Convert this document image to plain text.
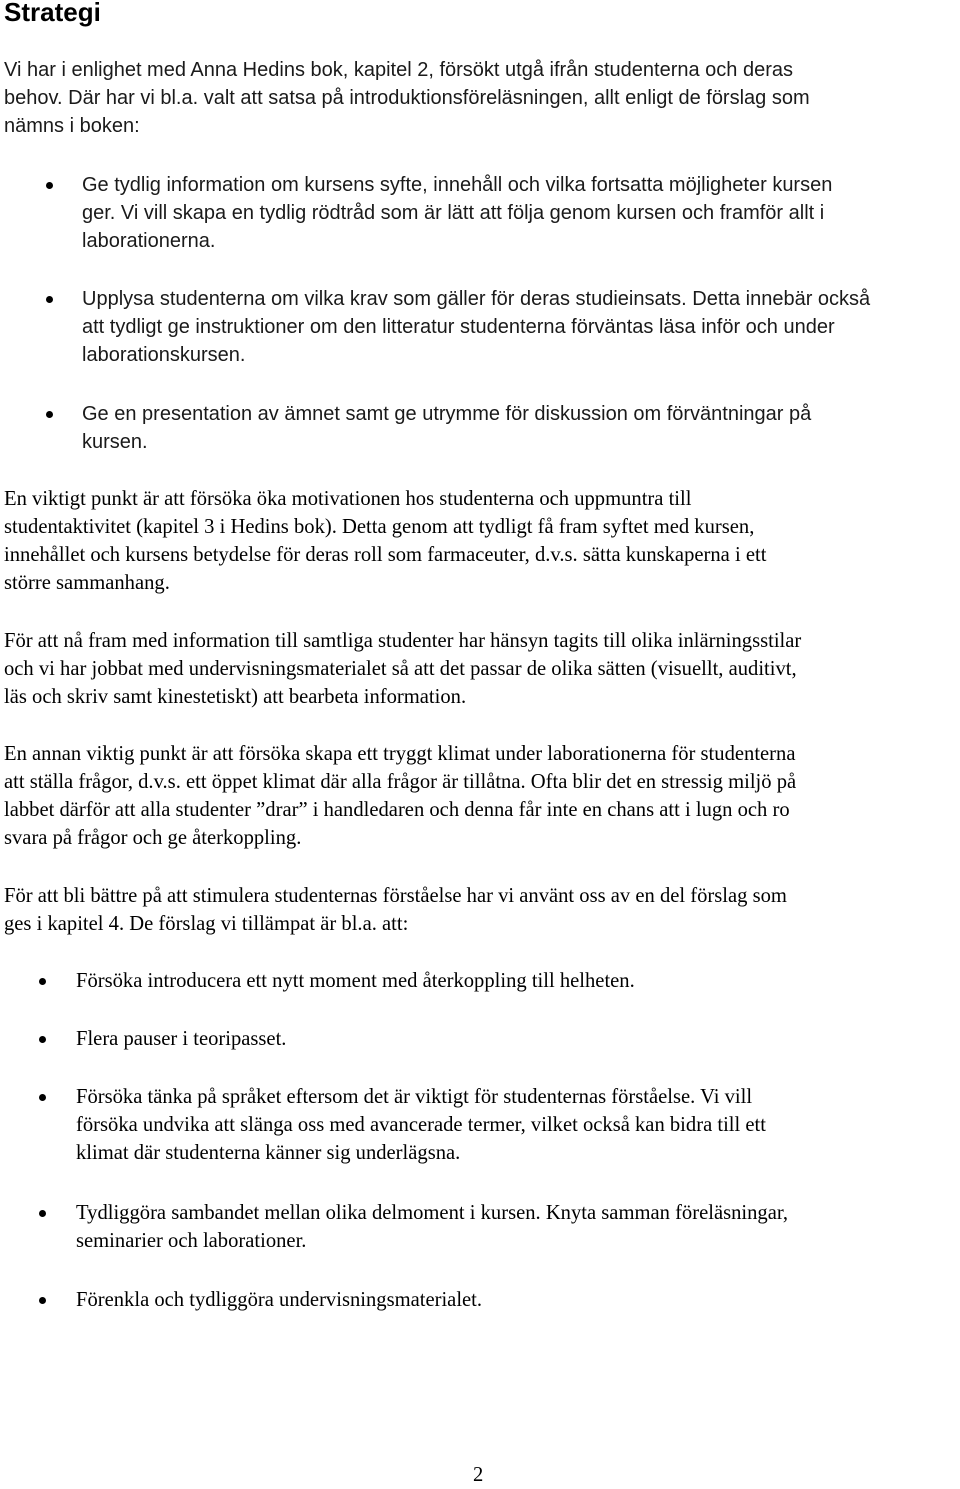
Strategi
Vi har i enlighet med Anna Hedins bok, kapitel 2, försökt utgå ifrån studenterna och deras
behov. Där har vi bl.a. valt att satsa på introduktionsföreläsningen, allt enligt de förslag som
nämns i boken:
Ge tydlig information om kursens syfte, innehåll och vilka fortsatta möjligheter kursen
ger. Vi vill skapa en tydlig rödtråd som är lätt att följa genom kursen och framför allt i
laborationerna.
Upplysa studenterna om vilka krav som gäller för deras studieinsats. Detta innebär också
att tydligt ge instruktioner om den litteratur studenterna förväntas läsa inför och under
laborationskursen.
Ge en presentation av ämnet samt ge utrymme för diskussion om förväntningar på
kursen.
En viktigt punkt är att försöka öka motivationen hos studenterna och uppmuntra till
studentaktivitet (kapitel 3 i Hedins bok). Detta genom att tydligt få fram syftet med kursen,
innehållet och kursens betydelse för deras roll som farmaceuter, d.v.s. sätta kunskaperna i ett
större sammanhang.
För att nå fram med information till samtliga studenter har hänsyn tagits till olika inlärningsstilar
och vi har jobbat med undervisningsmaterialet så att det passar de olika sätten (visuellt, auditivt,
läs och skriv samt kinestetiskt) att bearbeta information.
En annan viktig punkt är att försöka skapa ett tryggt klimat under laborationerna för studenterna
att ställa frågor, d.v.s. ett öppet klimat där alla frågor är tillåtna. Ofta blir det en stressig miljö på
labbet därför att alla studenter ”drar” i handledaren och denna får inte en chans att i lugn och ro
svara på frågor och ge återkoppling.
För att bli bättre på att stimulera studenternas förståelse har vi använt oss av en del förslag som
ges i kapitel 4. De förslag vi tillämpat är bl.a. att:
Försöka introducera ett nytt moment med återkoppling till helheten.
Flera pauser i teoripasset.
Försöka tänka på språket eftersom det är viktigt för studenternas förståelse. Vi vill
försöka undvika att slänga oss med avancerade termer, vilket också kan bidra till ett
klimat där studenterna känner sig underlägsna.
Tydliggöra sambandet mellan olika delmoment i kursen. Knyta samman föreläsningar,
seminarier och laborationer.
Förenkla och tydliggöra undervisningsmaterialet.
2
